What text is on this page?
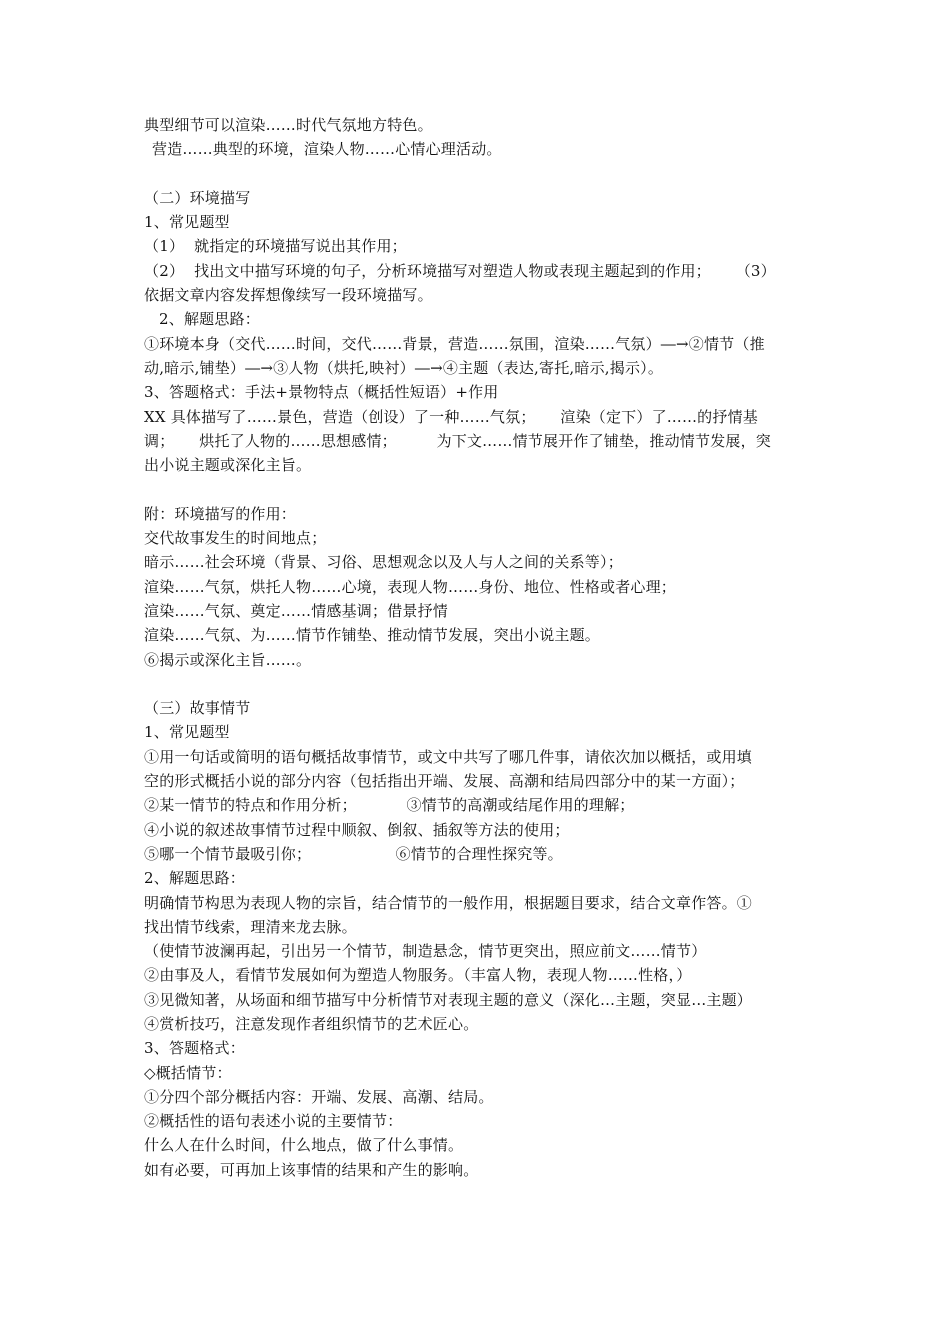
典型细节可以渲染……时代气氛地方特色。
营造……典型的环境，渲染人物……心情心理活动。
（二）环境描写
1、常见题型
（1）  就指定的环境描写说出其作用；
（2）  找出文中描写环境的句子，分析环境描写对塑造人物或表现主题起到的作用；     （3）
依据文章内容发挥想像续写一段环境描写。
2、解题思路：
①环境本身（交代……时间，交代……背景，营造……氛围，渲染……气氛）―→②情节（推
动,暗示,铺垫）―→③人物（烘托,映衬）―→④主题（表达,寄托,暗示,揭示）。
3、答题格式：手法+景物特点（概括性短语）+作用
XX 具体描写了……景色，营造（创设）了一种……气氛；     渲染（定下）了……的抒情基
调；     烘托了人物的……思想感情；        为下文……情节展开作了铺垫，推动情节发展，突
出小说主题或深化主旨。
附：环境描写的作用：
交代故事发生的时间地点；
暗示……社会环境（背景、习俗、思想观念以及人与人之间的关系等）；
渲染……气氛，烘托人物……心境，表现人物……身份、地位、性格或者心理；
渲染……气氛、奠定……情感基调；借景抒情
渲染……气氛、为……情节作铺垫、推动情节发展，突出小说主题。
⑥揭示或深化主旨……。
（三）故事情节
1、常见题型
①用一句话或简明的语句概括故事情节，或文中共写了哪几件事，请依次加以概括，或用填
空的形式概括小说的部分内容（包括指出开端、发展、高潮和结局四部分中的某一方面）；
②某一情节的特点和作用分析；          ③情节的高潮或结尾作用的理解；
④小说的叙述故事情节过程中顺叙、倒叙、插叙等方法的使用；
⑤哪一个情节最吸引你；                 ⑥情节的合理性探究等。
2、解题思路：
明确情节构思为表现人物的宗旨，结合情节的一般作用，根据题目要求，结合文章作答。①
找出情节线索，理清来龙去脉。
（使情节波澜再起，引出另一个情节，制造悬念，情节更突出，照应前文……情节）
②由事及人，看情节发展如何为塑造人物服务。（丰富人物，表现人物……性格，）
③见微知著，从场面和细节描写中分析情节对表现主题的意义（深化…主题，突显…主题）
④赏析技巧，注意发现作者组织情节的艺术匠心。
3、答题格式：
◇概括情节：
①分四个部分概括内容：开端、发展、高潮、结局。
②概括性的语句表述小说的主要情节：
什么人在什么时间，什么地点，做了什么事情。
如有必要，可再加上该事情的结果和产生的影响。
